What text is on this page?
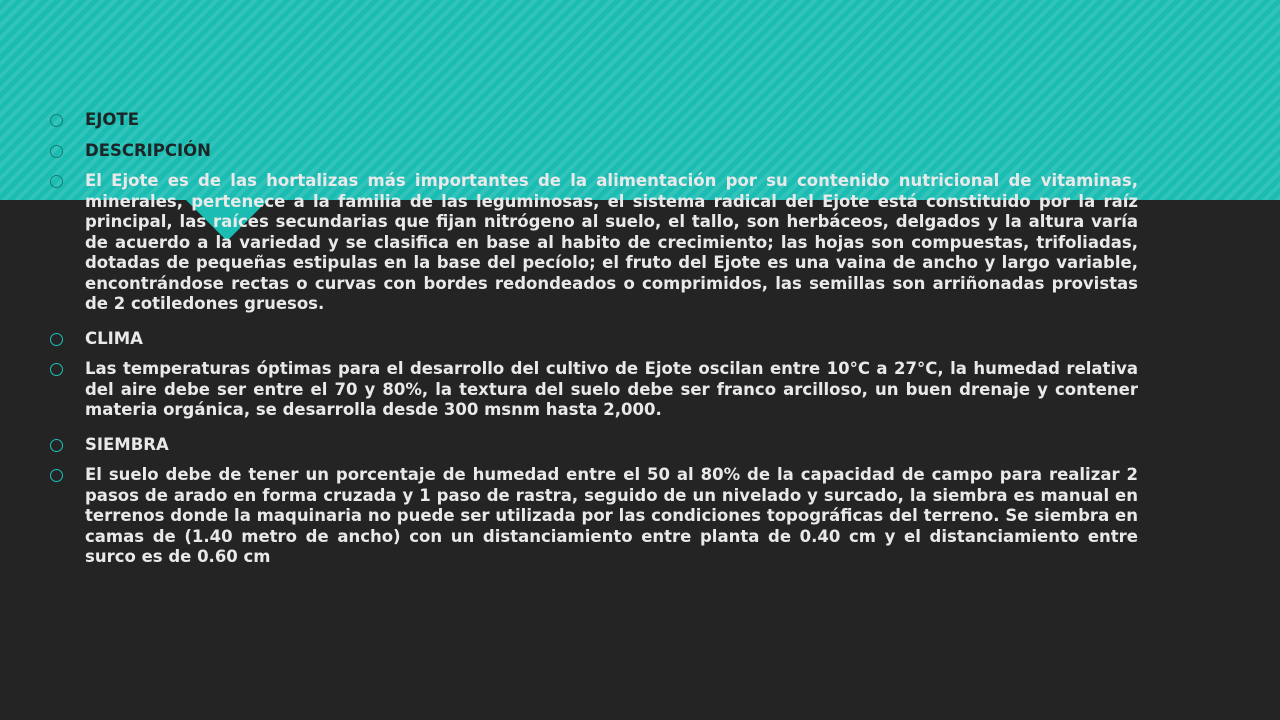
EJOTE
DESCRIPCIÓN
El Ejote es de las hortalizas más importantes de la alimentación por su contenido nutricional de vitaminas, minerales, pertenece a la familia de las leguminosas, el sistema radical del Ejote está constituido por la raíz principal, las raíces secundarias que fijan nitrógeno al suelo, el tallo, son herbáceos, delgados y la altura varía de acuerdo a la variedad y se clasifica en base al habito de crecimiento; las hojas son compuestas, trifoliadas, dotadas de pequeñas estipulas en la base del pecíolo; el fruto del Ejote es una vaina de ancho y largo variable, encontrándose rectas o curvas con bordes redondeados o comprimidos, las semillas son arriñonadas provistas de 2 cotiledones gruesos.
CLIMA
Las temperaturas óptimas para el desarrollo del cultivo de Ejote oscilan entre 10°C a 27°C, la humedad relativa del aire debe ser entre el 70 y 80%, la textura del suelo debe ser franco arcilloso, un buen drenaje y contener materia orgánica, se desarrolla desde 300 msnm hasta 2,000.
SIEMBRA
El suelo debe de tener un porcentaje de humedad entre el 50 al 80% de la capacidad de campo para realizar 2 pasos de arado en forma cruzada y 1 paso de rastra, seguido de un nivelado y surcado, la siembra es manual en terrenos donde la maquinaria no puede ser utilizada por las condiciones topográficas del terreno. Se siembra en camas de (1.40 metro de ancho) con un distanciamiento entre planta de 0.40 cm y el distanciamiento entre surco es de 0.60 cm
